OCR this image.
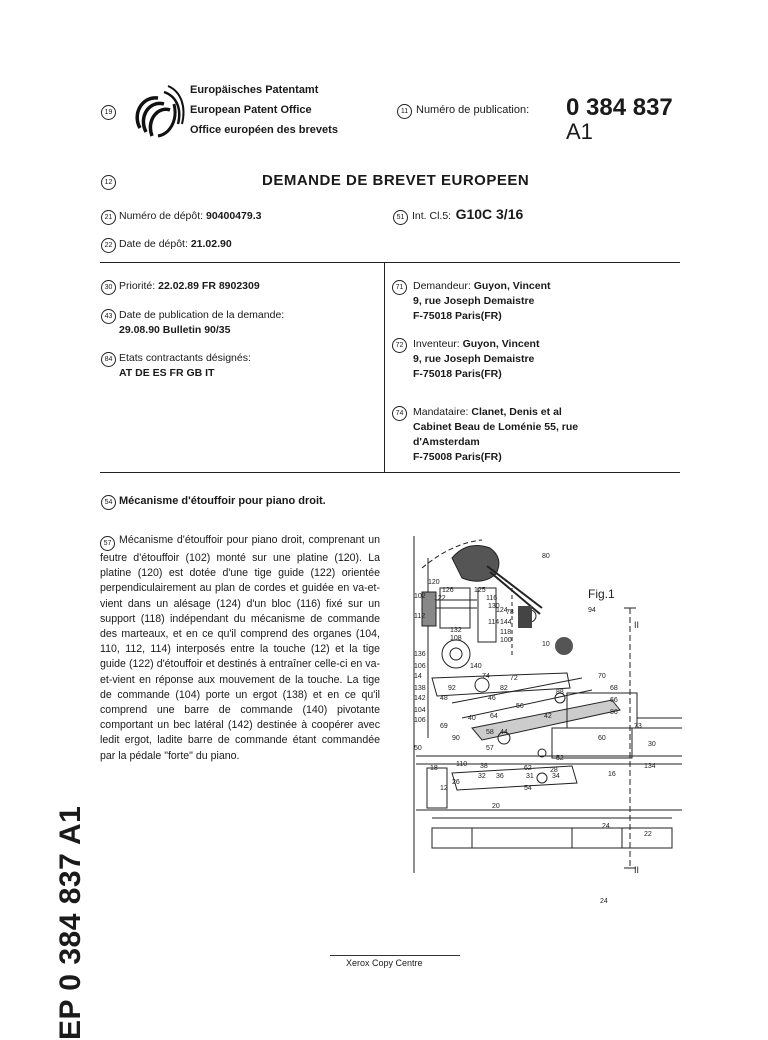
19
Europäisches Patentamt
European Patent Office
Office européen des brevets
11 Numéro de publication: 0 384 837
A1
12	DEMANDE DE BREVET EUROPEEN
21 Numéro de dépôt: 90400479.3	51 Int. Cl.5: G10C 3/16
22 Date de dépôt: 21.02.90
30 Priorité: 22.02.89 FR 8902309
43 Date de publication de la demande:
29.08.90 Bulletin 90/35
84 Etats contractants désignés:
AT DE ES FR GB IT
71 Demandeur: Guyon, Vincent
9, rue Joseph Demaistre
F-75018 Paris(FR)
72 Inventeur: Guyon, Vincent
9, rue Joseph Demaistre
F-75018 Paris(FR)
74 Mandataire: Clanet, Denis et al
Cabinet Beau de Loménie 55, rue
d'Amsterdam
F-75008 Paris(FR)
54 Mécanisme d'étouffoir pour piano droit.
57 Mécanisme d'étouffoir pour piano droit, comprenant un feutre d'étouffoir (102) monté sur une platine (120). La platine (120) est dotée d'une tige guide (122) orientée perpendiculairement au plan de cordes et guidée en va-et-vient dans un alésage (124) d'un bloc (116) fixé sur un support (118) indépendant du mécanisme de commande des marteaux, et en ce qu'il comprend des organes (104, 110, 112, 114) interposés entre la touche (12) et la tige guide (122) d'étouffoir et destinés à entraîner celle-ci en va-et-vient en réponse aux mouvement de la touche. La tige de commande (104) porte un ergot (138) et en ce qu'il comprend une barre de commande (140) pivotante comportant un bec latéral (142) destinée à coopérer avec ledit ergot, ladite barre de commande étant commandée par la pédale "forte" du piano.
EP 0 384 837 A1
Fig.1
II
II
80
120
126
102 122
125
116
130
124
78	94
112
114 144
132	118
108	100
10
136
106	140
14	74	72	70
138	92	82
88
68
142 48	46	66
104
56
86
106	40 64	42
73
58
69
44
90	60
50	57
30
18
110 38	62
52
28
31	34
32 36
54
26
134
16
12
20
24
22
24
Xerox Copy Centre
